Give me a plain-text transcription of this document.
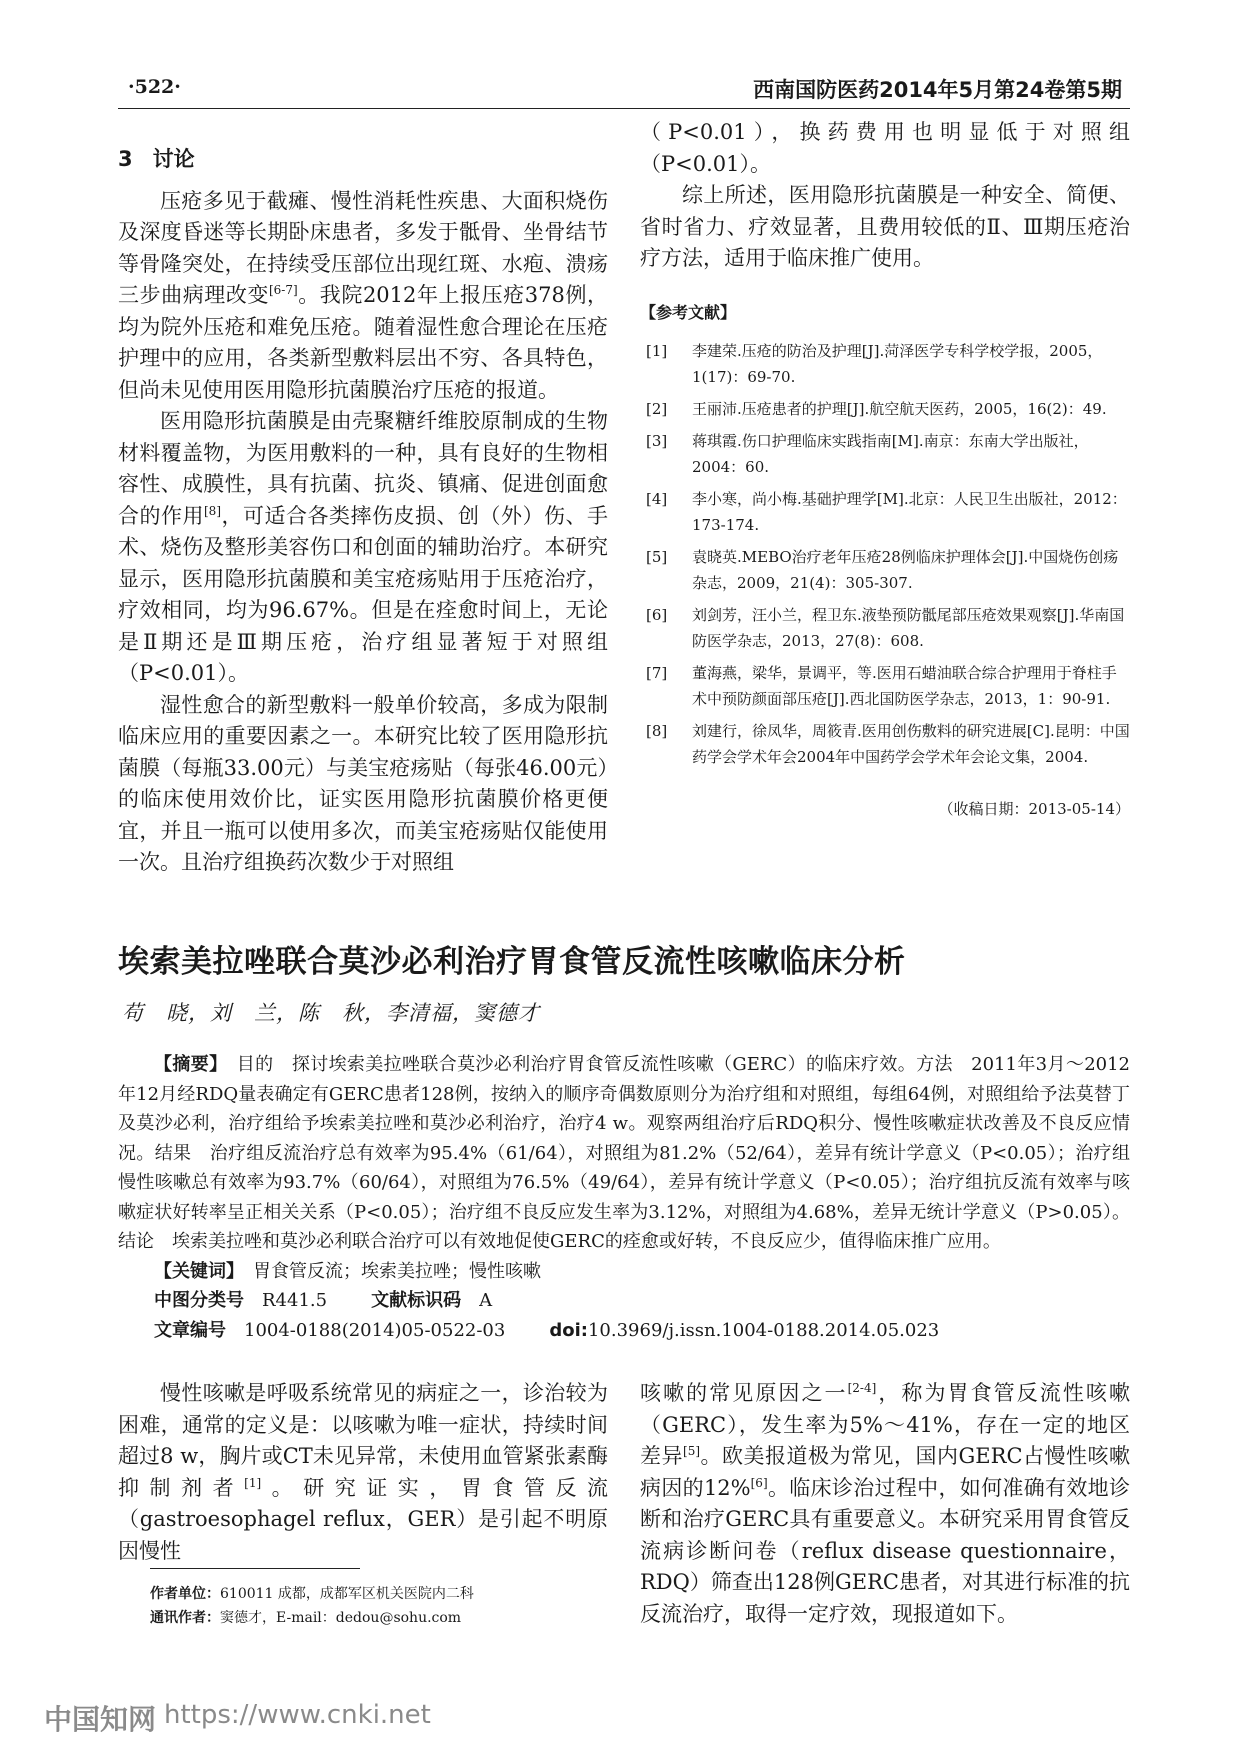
·522·	西南国防医药2014年5月第24卷第5期
3 讨论

压疮多见于截瘫、慢性消耗性疾患、大面积烧伤及深度昏迷等长期卧床患者，多发于骶骨、坐骨结节等骨隆突处，在持续受压部位出现红斑、水疱、溃疡三步曲病理改变[6-7]。我院2012年上报压疮378例，均为院外压疮和难免压疮。随着湿性愈合理论在压疮护理中的应用，各类新型敷料层出不穷、各具特色，但尚未见使用医用隐形抗菌膜治疗压疮的报道。

医用隐形抗菌膜是由壳聚糖纤维胶原制成的生物材料覆盖物，为医用敷料的一种，具有良好的生物相容性、成膜性，具有抗菌、抗炎、镇痛、促进创面愈合的作用[8]，可适合各类摔伤皮损、创（外）伤、手术、烧伤及整形美容伤口和创面的辅助治疗。本研究显示，医用隐形抗菌膜和美宝疮疡贴用于压疮治疗，疗效相同，均为96.67%。但是在痊愈时间上，无论是Ⅱ期还是Ⅲ期压疮，治疗组显著短于对照组（P<0.01）。

湿性愈合的新型敷料一般单价较高，多成为限制临床应用的重要因素之一。本研究比较了医用隐形抗菌膜（每瓶33.00元）与美宝疮疡贴（每张46.00元）的临床使用效价比，证实医用隐形抗菌膜价格更便宜，并且一瓶可以使用多次，而美宝疮疡贴仅能使用一次。且治疗组换药次数少于对照组

（P<0.01），换药费用也明显低于对照组（P<0.01）。

综上所述，医用隐形抗菌膜是一种安全、简便、省时省力、疗效显著，且费用较低的Ⅱ、Ⅲ期压疮治疗方法，适用于临床推广使用。

【参考文献】
[1] 李建荣.压疮的防治及护理[J].菏泽医学专科学校学报，2005，1(17)：69-70.
[2] 王丽沛.压疮患者的护理[J].航空航天医药，2005，16(2)：49.
[3] 蒋琪霞.伤口护理临床实践指南[M].南京：东南大学出版社，2004：60.
[4] 李小寒，尚小梅.基础护理学[M].北京：人民卫生出版社，2012：173-174.
[5] 袁晓英.MEBO治疗老年压疮28例临床护理体会[J].中国烧伤创疡杂志，2009，21(4)：305-307.
[6] 刘剑芳，汪小兰，程卫东.液垫预防骶尾部压疮效果观察[J].华南国防医学杂志，2013，27(8)：608.
[7] 董海燕，梁华，景调平，等.医用石蜡油联合综合护理用于脊柱手术中预防颜面部压疮[J].西北国防医学杂志，2013，1：90-91.
[8] 刘建行，徐凤华，周筱青.医用创伤敷料的研究进展[C].昆明：中国药学会学术年会2004年中国药学会学术年会论文集，2004.
（收稿日期：2013-05-14）
埃索美拉唑联合莫沙必利治疗胃食管反流性咳嗽临床分析
苟　晓，刘　兰，陈　秋，李清福，窦德才

【摘要】　 目的　探讨埃索美拉唑联合莫沙必利治疗胃食管反流性咳嗽（GERC）的临床疗效。方法　2011年3月～2012年12月经RDQ量表确定有GERC患者128例，按纳入的顺序奇偶数原则分为治疗组和对照组，每组64例，对照组给予法莫替丁及莫沙必利，治疗组给予埃索美拉唑和莫沙必利治疗，治疗4 w。观察两组治疗后RDQ积分、慢性咳嗽症状改善及不良反应情况。结果　治疗组反流治疗总有效率为95.4%（61/64），对照组为81.2%（52/64），差异有统计学意义（P<0.05）；治疗组慢性咳嗽总有效率为93.7%（60/64），对照组为76.5%（49/64），差异有统计学意义（P<0.05）；治疗组抗反流有效率与咳嗽症状好转率呈正相关关系（P<0.05）；治疗组不良反应发生率为3.12%，对照组为4.68%，差异无统计学意义（P>0.05）。结论　埃索美拉唑和莫沙必利联合治疗可以有效地促使GERC的痊愈或好转，不良反应少，值得临床推广应用。

【关键词】　 胃食管反流；埃索美拉唑；慢性咳嗽

中图分类号　 R441.5 文献标识码　 A

文章编号　 1004-0188(2014)05-0522-03 doi:10.3969/j.issn.1004-0188.2014.05.023

慢性咳嗽是呼吸系统常见的病症之一，诊治较为困难，通常的定义是：以咳嗽为唯一症状，持续时间超过8 w，胸片或CT未见异常，未使用血管紧张素酶抑制剂者[1]。研究证实，胃食管反流（gastroesophagel reflux，GER）是引起不明原因慢性

咳嗽的常见原因之一[2-4]，称为胃食管反流性咳嗽（GERC），发生率为5%～41%，存在一定的地区差异[5]。欧美报道极为常见，国内GERC占慢性咳嗽病因的12%[6]。临床诊治过程中，如何准确有效地诊断和治疗GERC具有重要意义。本研究采用胃食管反流病诊断问卷（reflux disease questionnaire，RDQ）筛查出128例GERC患者，对其进行标准的抗反流治疗，取得一定疗效，现报道如下。

作者单位：610011 成都，成都军区机关医院内二科
通讯作者：窦德才，E-mail：dedou@sohu.com
中国知网 https://www.cnki.net
